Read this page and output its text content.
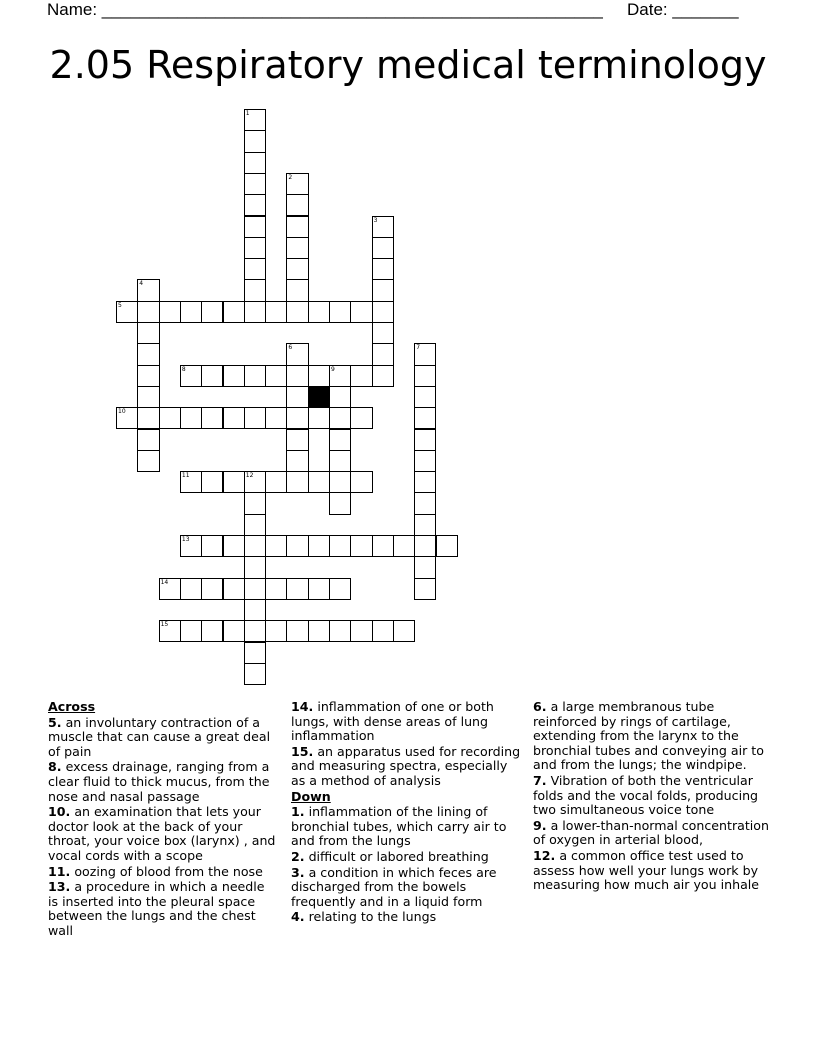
Name: _____________________________________________________ Date: _______
2.05 Respiratory medical terminology
1
2
3
4
5
6	7
8	9
10
11	12
13
14
15
Across
5. an involuntary contraction of a muscle that can cause a great deal of pain
8. excess drainage, ranging from a clear fluid to thick mucus, from the nose and nasal passage
10. an examination that lets your doctor look at the back of your throat, your voice box (larynx) , and vocal cords with a scope
11. oozing of blood from the nose
13. a procedure in which a needle is inserted into the pleural space between the lungs and the chest wall
14. inflammation of one or both lungs, with dense areas of lung inflammation
15. an apparatus used for recording and measuring spectra, especially as a method of analysis
Down
1. inflammation of the lining of bronchial tubes, which carry air to and from the lungs
2. difficult or labored breathing
3. a condition in which feces are discharged from the bowels frequently and in a liquid form
4. relating to the lungs
6. a large membranous tube reinforced by rings of cartilage, extending from the larynx to the bronchial tubes and conveying air to and from the lungs; the windpipe.
7. Vibration of both the ventricular folds and the vocal folds, producing two simultaneous voice tone
9. a lower-than-normal concentration of oxygen in arterial blood,
12. a common office test used to assess how well your lungs work by measuring how much air you inhale
